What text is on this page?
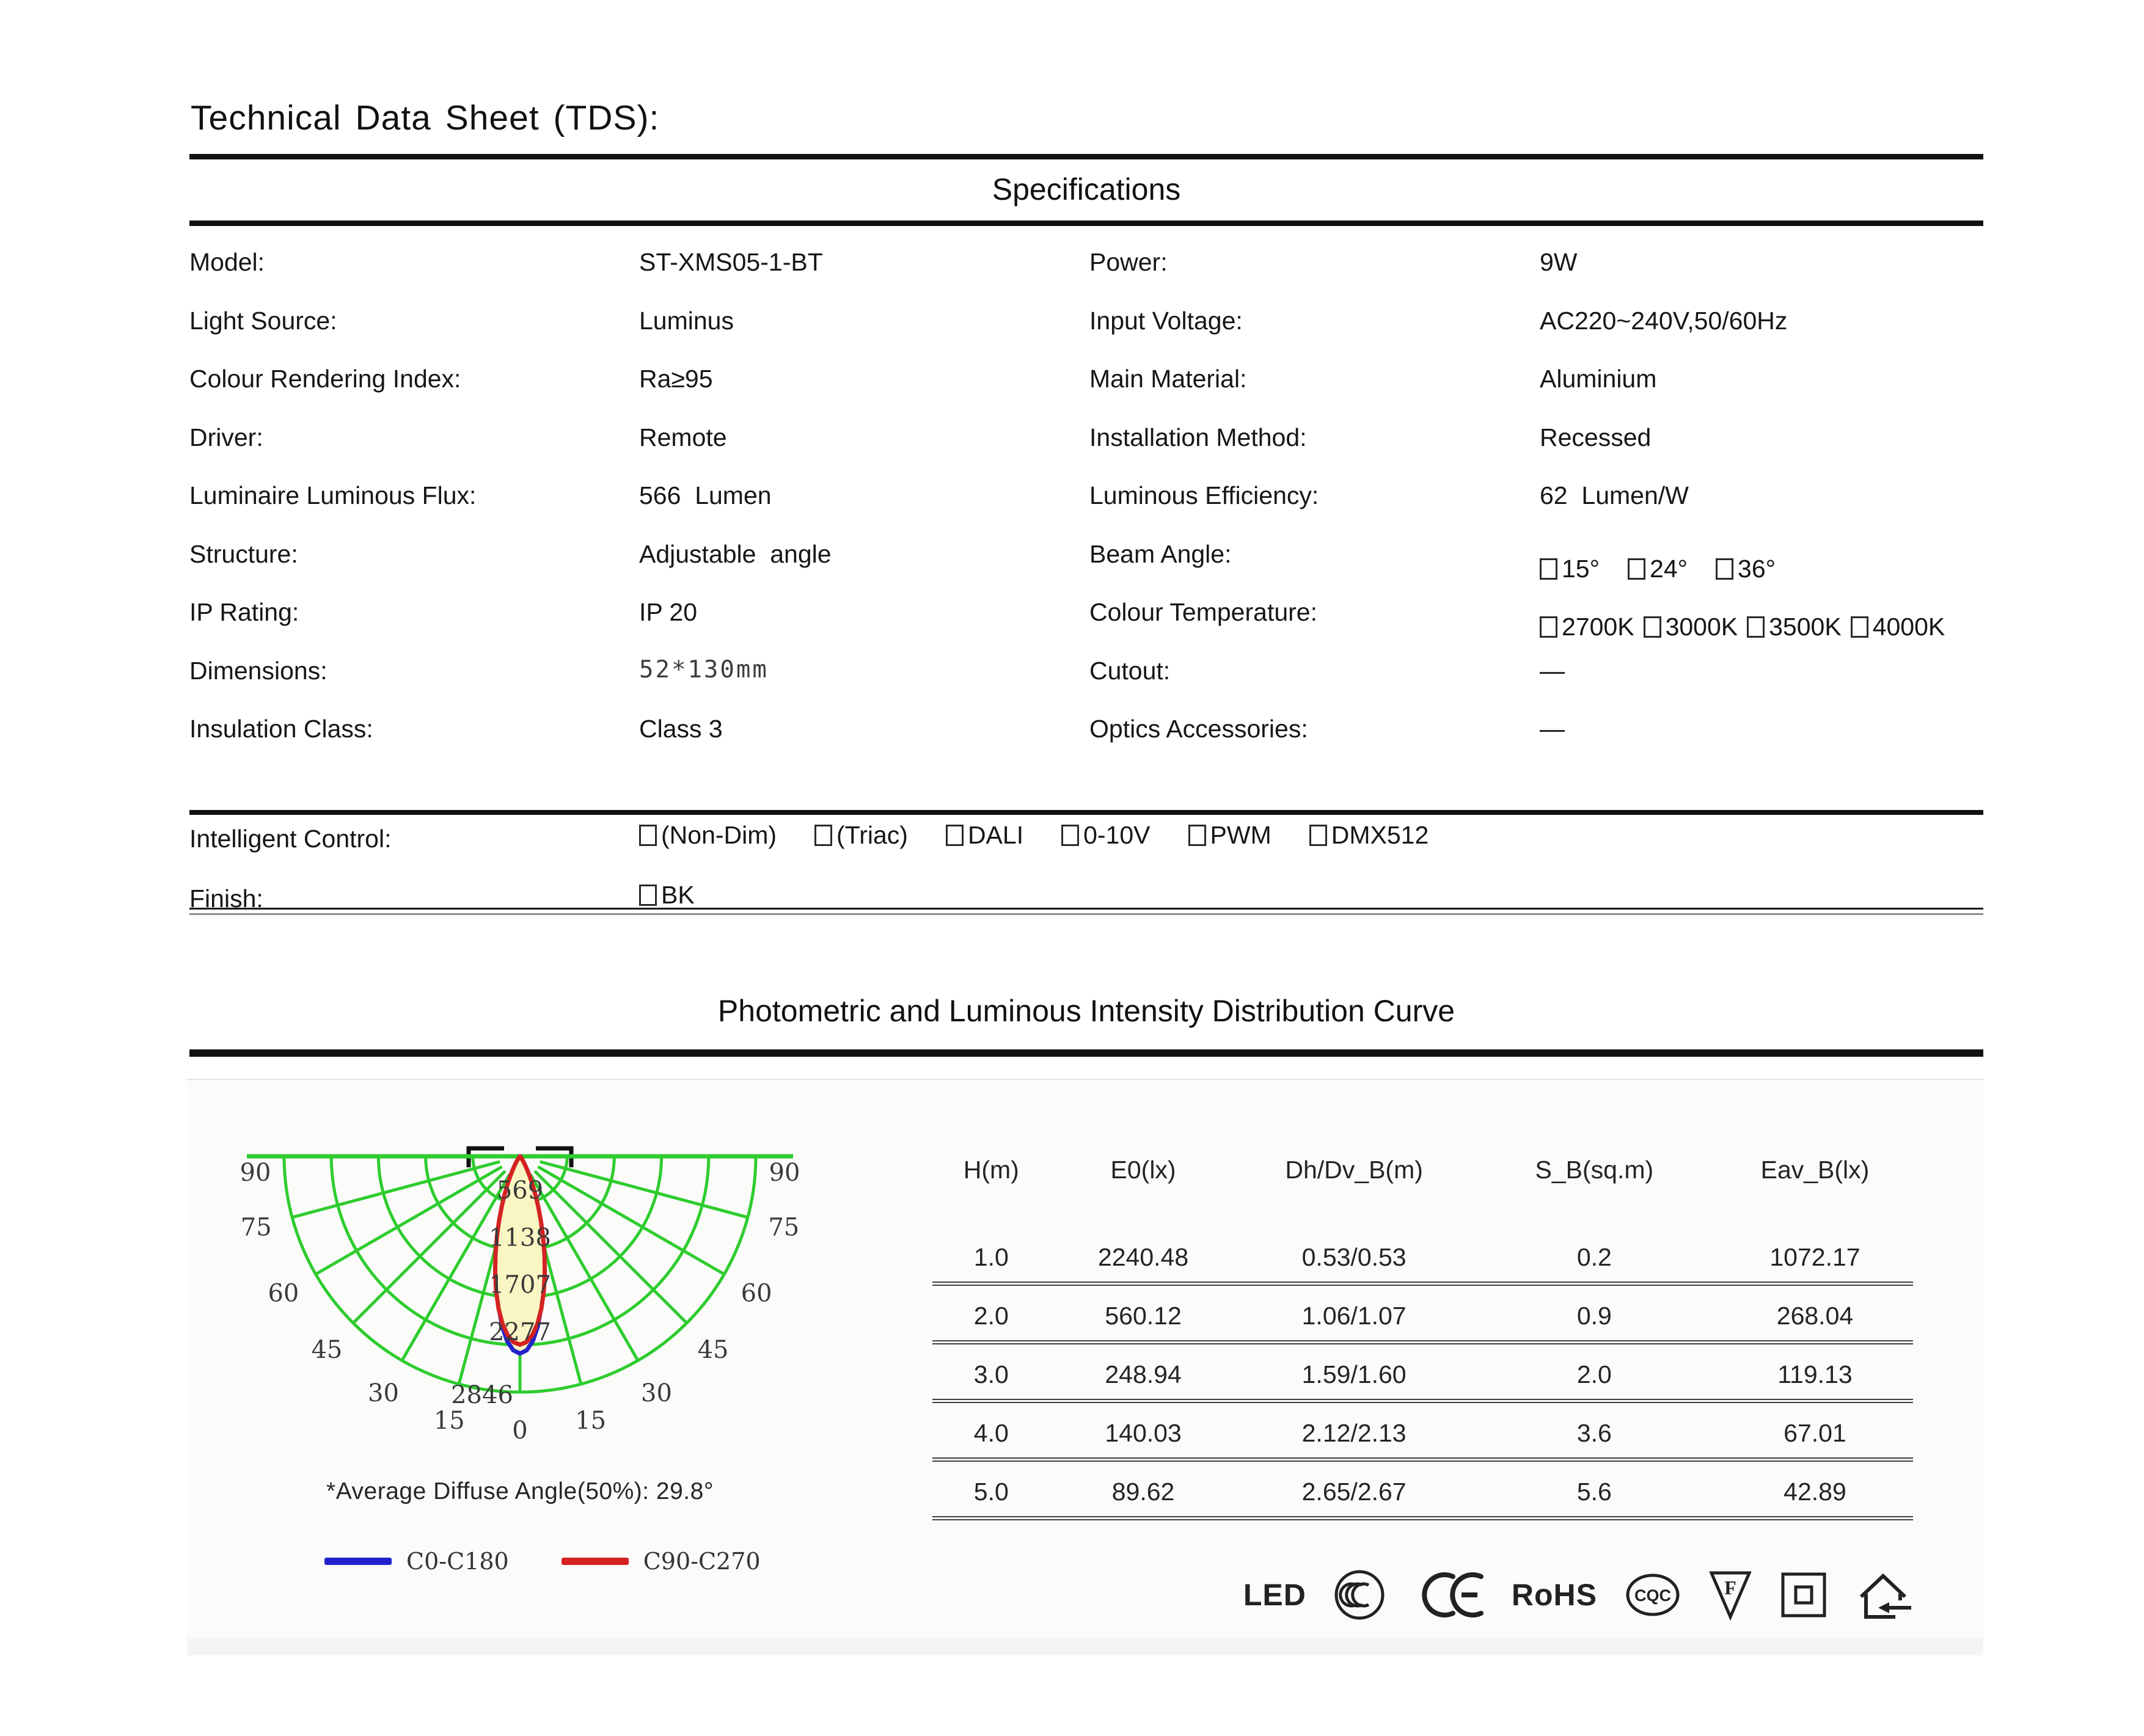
Technical Data Sheet (TDS):
Specifications
Model:	ST-XMS05-1-BT	Power:	9W
Light Source:	Luminus	Input Voltage:	AC220~240V,50/60Hz
Colour Rendering Index:	Ra≥95	Main Material:	Aluminium
Driver:	Remote	Installation Method:	Recessed
Luminaire Luminous Flux:	566  Lumen	Luminous Efficiency:	62  Lumen/W
Structure:	Adjustable  angle	Beam Angle:
15° 24° 36°
IP Rating:	IP 20	Colour Temperature:
2700K 3000K 3500K 4000K
Dimensions:	52*130mm	Cutout:	—
Insulation Class:	Class 3	Optics Accessories:	—
Intelligent Control:	(Non-Dim) (Triac) DALI 0-10V PWM DMX512
Finish:	BK
Photometric and Luminous Intensity Distribution Curve
569
1138
1707
2277
2846
0 15
15
30
30
45
45
60
60
75
75
90	90
*Average Diffuse Angle(50%): 29.8°
C0-C180	C90-C270
H(m)	E0(lx)	Dh/Dv_B(m)	S_B(sq.m)	Eav_B(lx)
1.0	2240.48	0.53/0.53	0.2	1072.17
2.0	560.12	1.06/1.07	0.9	268.04
3.0	248.94	1.59/1.60	2.0	119.13
4.0	140.03	2.12/2.13	3.6	67.01
5.0	89.62	2.65/2.67	5.6	42.89
LED	RoHS CQC	F
